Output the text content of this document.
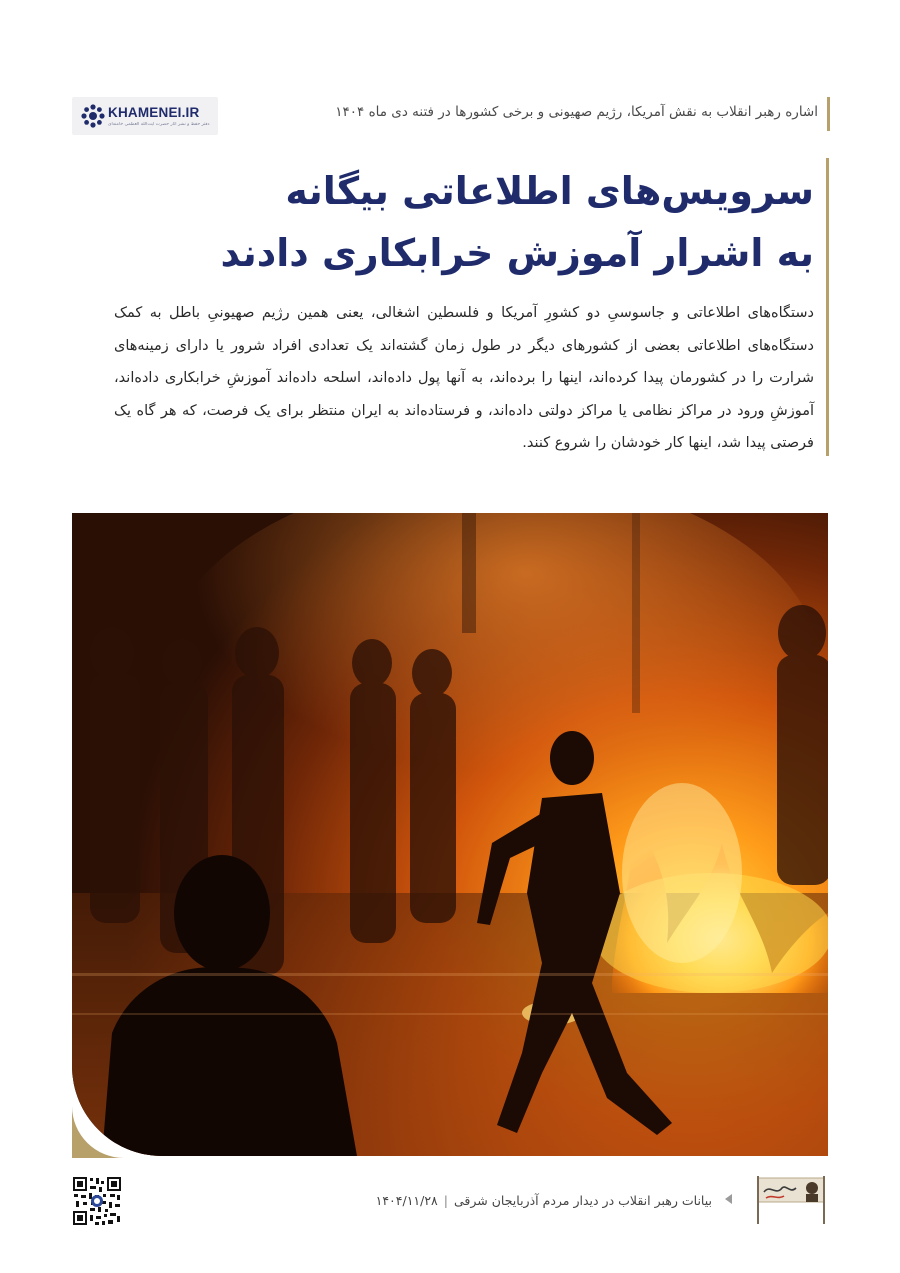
KHAMENEI.IR
دفتر حفظ و نشر آثار حضرت آیت‌الله العظمی خامنه‌ای
اشاره رهبر انقلاب به نقش آمریکا، رژیم صهیونی و برخی کشورها در فتنه دی ماه ۱۴۰۴
سرویس‌های اطلاعاتی بیگانه
به اشرار آموزش خرابکاری دادند

دستگاه‌های اطلاعاتی و جاسوسیِ دو کشورِ آمریکا و فلسطین اشغالی، یعنی همین رژیم صهیونیِ باطل به کمک دستگاه‌های اطلاعاتی بعضی از کشورهای دیگر در طول زمان گشته‌اند یک تعدادی افراد شرور یا دارای زمینه‌های شرارت را در کشورمان پیدا کرده‌اند، اینها را برده‌اند، به آنها پول داده‌اند، اسلحه داده‌اند آموزشِ خرابکاری داده‌اند، آموزشِ ورود در مراکز نظامی یا مراکز دولتی داده‌اند، و فرستاده‌اند به ایران منتظر برای یک فرصت، که هر گاه یک فرصتی پیدا شد، اینها کار خودشان را شروع کنند.

بیانات رهبر انقلاب در دیدار مردم آذربایجان شرقی|۱۴۰۴/۱۱/۲۸
